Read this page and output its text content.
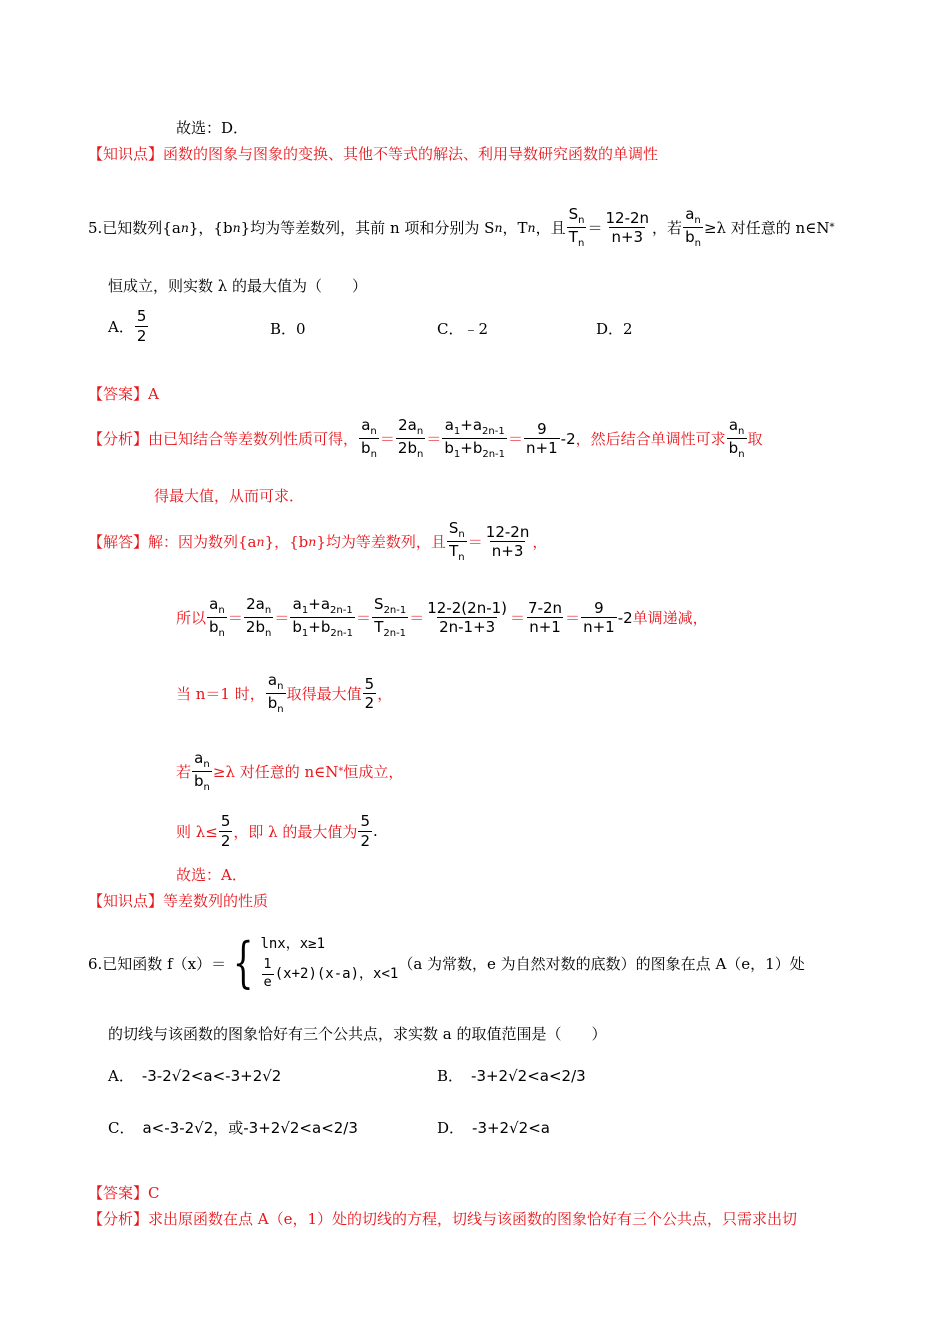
故选：D．
【知识点】函数的图象与图象的变换、其他不等式的解法、利用导数研究函数的单调性
5.已知数列{a n }，{b n }均为等差数列，其前 n 项和分别为 S n ，T n ，且 $\frac{S_n}{T_n} = \frac{12-2n}{n+3}$ ，若 $\frac{a_n}{b_n} \ge\lambda$ 对任意的 n∈N *
恒成立，则实数 λ 的最大值为（　　）
A． $\frac{5}{2}$	B．0	C．﹣2	D．2
【答案】A
【分析】 由已知结合等差数列性质可得， $\frac{a_n}{b_n} = \frac{2a_n}{2b_n} = \frac{a_1+a_{2n-1}}{b_1+b_{2n-1}} = \frac{9}{n+1} -2$ ，然后结合单调性可求 $\frac{a_n}{b_n}$ 取
得最大值，从而可求．
【解答】 解：因为数列{a n }，{b n }均为等差数列，且 $\frac{S_n}{T_n} = \frac{12-2n}{n+3}$ ，
所以 $\frac{a_n}{b_n} = \frac{2a_n}{2b_n} = \frac{a_1+a_{2n-1}}{b_1+b_{2n-1}} = \frac{S_{2n-1}}{T_{2n-1}} = \frac{12-2(2n-1)}{2n-1+3} = \frac{7-2n}{n+1} = \frac{9}{n+1} -2$ 单调递减，
当 n＝1 时， $\frac{a_n}{b_n}$ 取得最大值 $\frac{5}{2}$ ，
若 $\frac{a_n}{b_n} \ge\lambda$ 对任意的 n∈N * 恒成立，
则 $\lambda\le \frac{5}{2}$ ，即 λ 的最大值为 $\frac{5}{2}$ .
故选：A．
【知识点】等差数列的性质
6.已知函数 f（x）＝ { lnx，x≥1
$\frac{1}{e} (x+2)(x-a)$，x<1
（a 为常数，e 为自然对数的底数）的图象在点 A（e，1）处
的切线与该函数的图象恰好有三个公共点，求实数 a 的取值范围是（　　）
A． -3-2√2<a<-3+2√2	B． -3+2√2<a<2/3
C． a<-3-2√2，或-3+2√2<a<2/3	D． -3+2√2<a
【答案】C
【分析】求出原函数在点 A（e，1）处的切线的方程，切线与该函数的图象恰好有三个公共点，只需求出切
